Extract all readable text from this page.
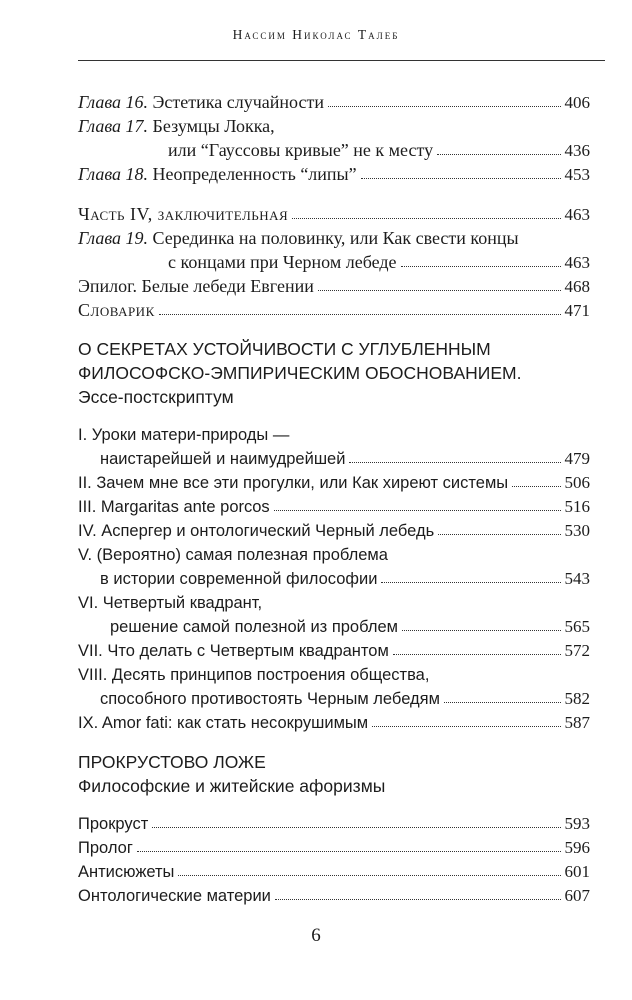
Нассим Николас Талеб
Глава 16. Эстетика случайности	406
Глава 17. Безумцы Локка,
или “Гауссовы кривые” не к месту	436
Глава 18. Неопределенность “липы”	453
Часть IV, заключительная	463
Глава 19. Серединка на половинку, или Как свести концы
с концами при Черном лебеде	463
Эпилог. Белые лебеди Евгении	468
Словарик	471
О СЕКРЕТАХ УСТОЙЧИВОСТИ С УГЛУБЛЕННЫМ
ФИЛОСОФСКО-ЭМПИРИЧЕСКИМ ОБОСНОВАНИЕМ.
Эссе-постскриптум
I. Уроки матери-природы —
наистарейшей и наимудрейшей	479
II. Зачем мне все эти прогулки, или Как хиреют системы	506
III. Margaritas ante porcos	516
IV. Аспергер и онтологический Черный лебедь	530
V. (Вероятно) самая полезная проблема
в истории современной философии	543
VI. Четвертый квадрант,
решение самой полезной из проблем	565
VII. Что делать с Четвертым квадрантом	572
VIII. Десять принципов построения общества,
способного противостоять Черным лебедям	582
IX. Amor fati: как стать несокрушимым	587
ПРОКРУСТОВО ЛОЖЕ
Философские и житейские афоризмы
Прокруст	593
Пролог	596
Антисюжеты	601
Онтологические материи	607
6
